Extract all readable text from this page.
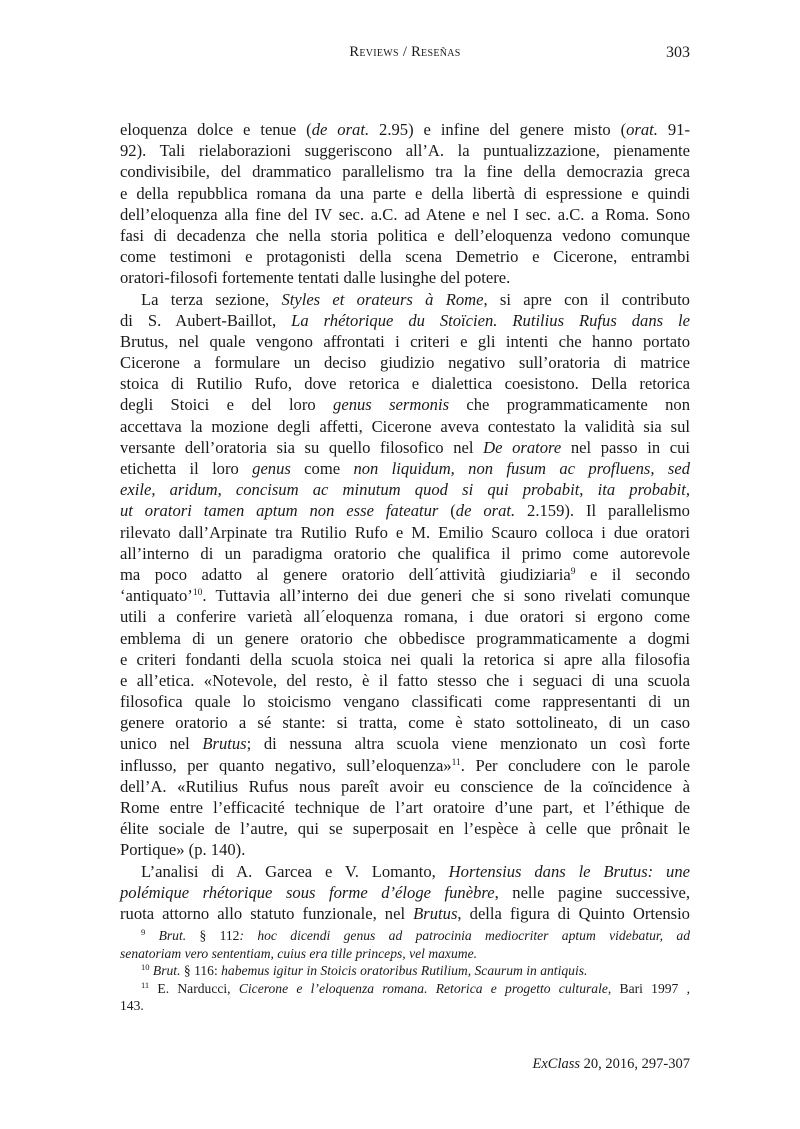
Reviews / Reseñas	303
eloquenza dolce e tenue (de orat. 2.95) e infine del genere misto (orat. 91-
92). Tali rielaborazioni suggeriscono all’A. la puntualizzazione, pienamente
condivisibile, del drammatico parallelismo tra la fine della democrazia greca
e della repubblica romana da una parte e della libertà di espressione e quindi
dell’eloquenza alla fine del IV sec. a.C. ad Atene e nel I sec. a.C. a Roma. Sono
fasi di decadenza che nella storia politica e dell’eloquenza vedono comunque
come testimoni e protagonisti della scena Demetrio e Cicerone, entrambi
oratori-filosofi fortemente tentati dalle lusinghe del potere.
La terza sezione, Styles et orateurs à Rome, si apre con il contributo
di S. Aubert-Baillot, La rhétorique du Stoïcien. Rutilius Rufus dans le
Brutus, nel quale vengono affrontati i criteri e gli intenti che hanno portato
Cicerone a formulare un deciso giudizio negativo sull’oratoria di matrice
stoica di Rutilio Rufo, dove retorica e dialettica coesistono. Della retorica
degli Stoici e del loro genus sermonis che programmaticamente non
accettava la mozione degli affetti, Cicerone aveva contestato la validità sia sul
versante dell’oratoria sia su quello filosofico nel De oratore nel passo in cui
etichetta il loro genus come non liquidum, non fusum ac profluens, sed
exile, aridum, concisum ac minutum quod si qui probabit, ita probabit,
ut oratori tamen aptum non esse fateatur (de orat. 2.159). Il parallelismo
rilevato dall’Arpinate tra Rutilio Rufo e M. Emilio Scauro colloca i due oratori
all’interno di un paradigma oratorio che qualifica il primo come autorevole
ma poco adatto al genere oratorio dell´attività giudiziaria$^9$ e il secondo
‘antiquato’$^{10}$. Tuttavia all’interno dei due generi che si sono rivelati comunque
utili a conferire varietà all´eloquenza romana, i due oratori si ergono come
emblema di un genere oratorio che obbedisce programmaticamente a dogmi
e criteri fondanti della scuola stoica nei quali la retorica si apre alla filosofia
e all’etica. «Notevole, del resto, è il fatto stesso che i seguaci di una scuola
filosofica quale lo stoicismo vengano classificati come rappresentanti di un
genere oratorio a sé stante: si tratta, come è stato sottolineato, di un caso
unico nel Brutus; di nessuna altra scuola viene menzionato un così forte
influsso, per quanto negativo, sull’eloquenza»$^{11}$. Per concludere con le parole
dell’A. «Rutilius Rufus nous pareît avoir eu conscience de la coïncidence à
Rome entre l’efficacité technique de l’art oratoire d’une part, et l’éthique de
élite sociale de l’autre, qui se superposait en l’espèce à celle que prônait le
Portique» (p. 140).
L’analisi di A. Garcea e V. Lomanto, Hortensius dans le Brutus: une
polémique rhétorique sous forme d’éloge funèbre, nelle pagine successive,
ruota attorno allo statuto funzionale, nel Brutus, della figura di Quinto Ortensio
$^9$ Brut. § 112: hoc dicendi genus ad patrocinia mediocriter aptum videbatur, ad
senatoriam vero sententiam, cuius era tille princeps, vel maxume.
$^{10}$ Brut. § 116: habemus igitur in Stoicis oratoribus Rutilium, Scaurum in antiquis.
$^{11}$ E. Narducci, Cicerone e l’eloquenza romana. Retorica e progetto culturale, Bari 1997 ,
143.
ExClass 20, 2016, 297-307
